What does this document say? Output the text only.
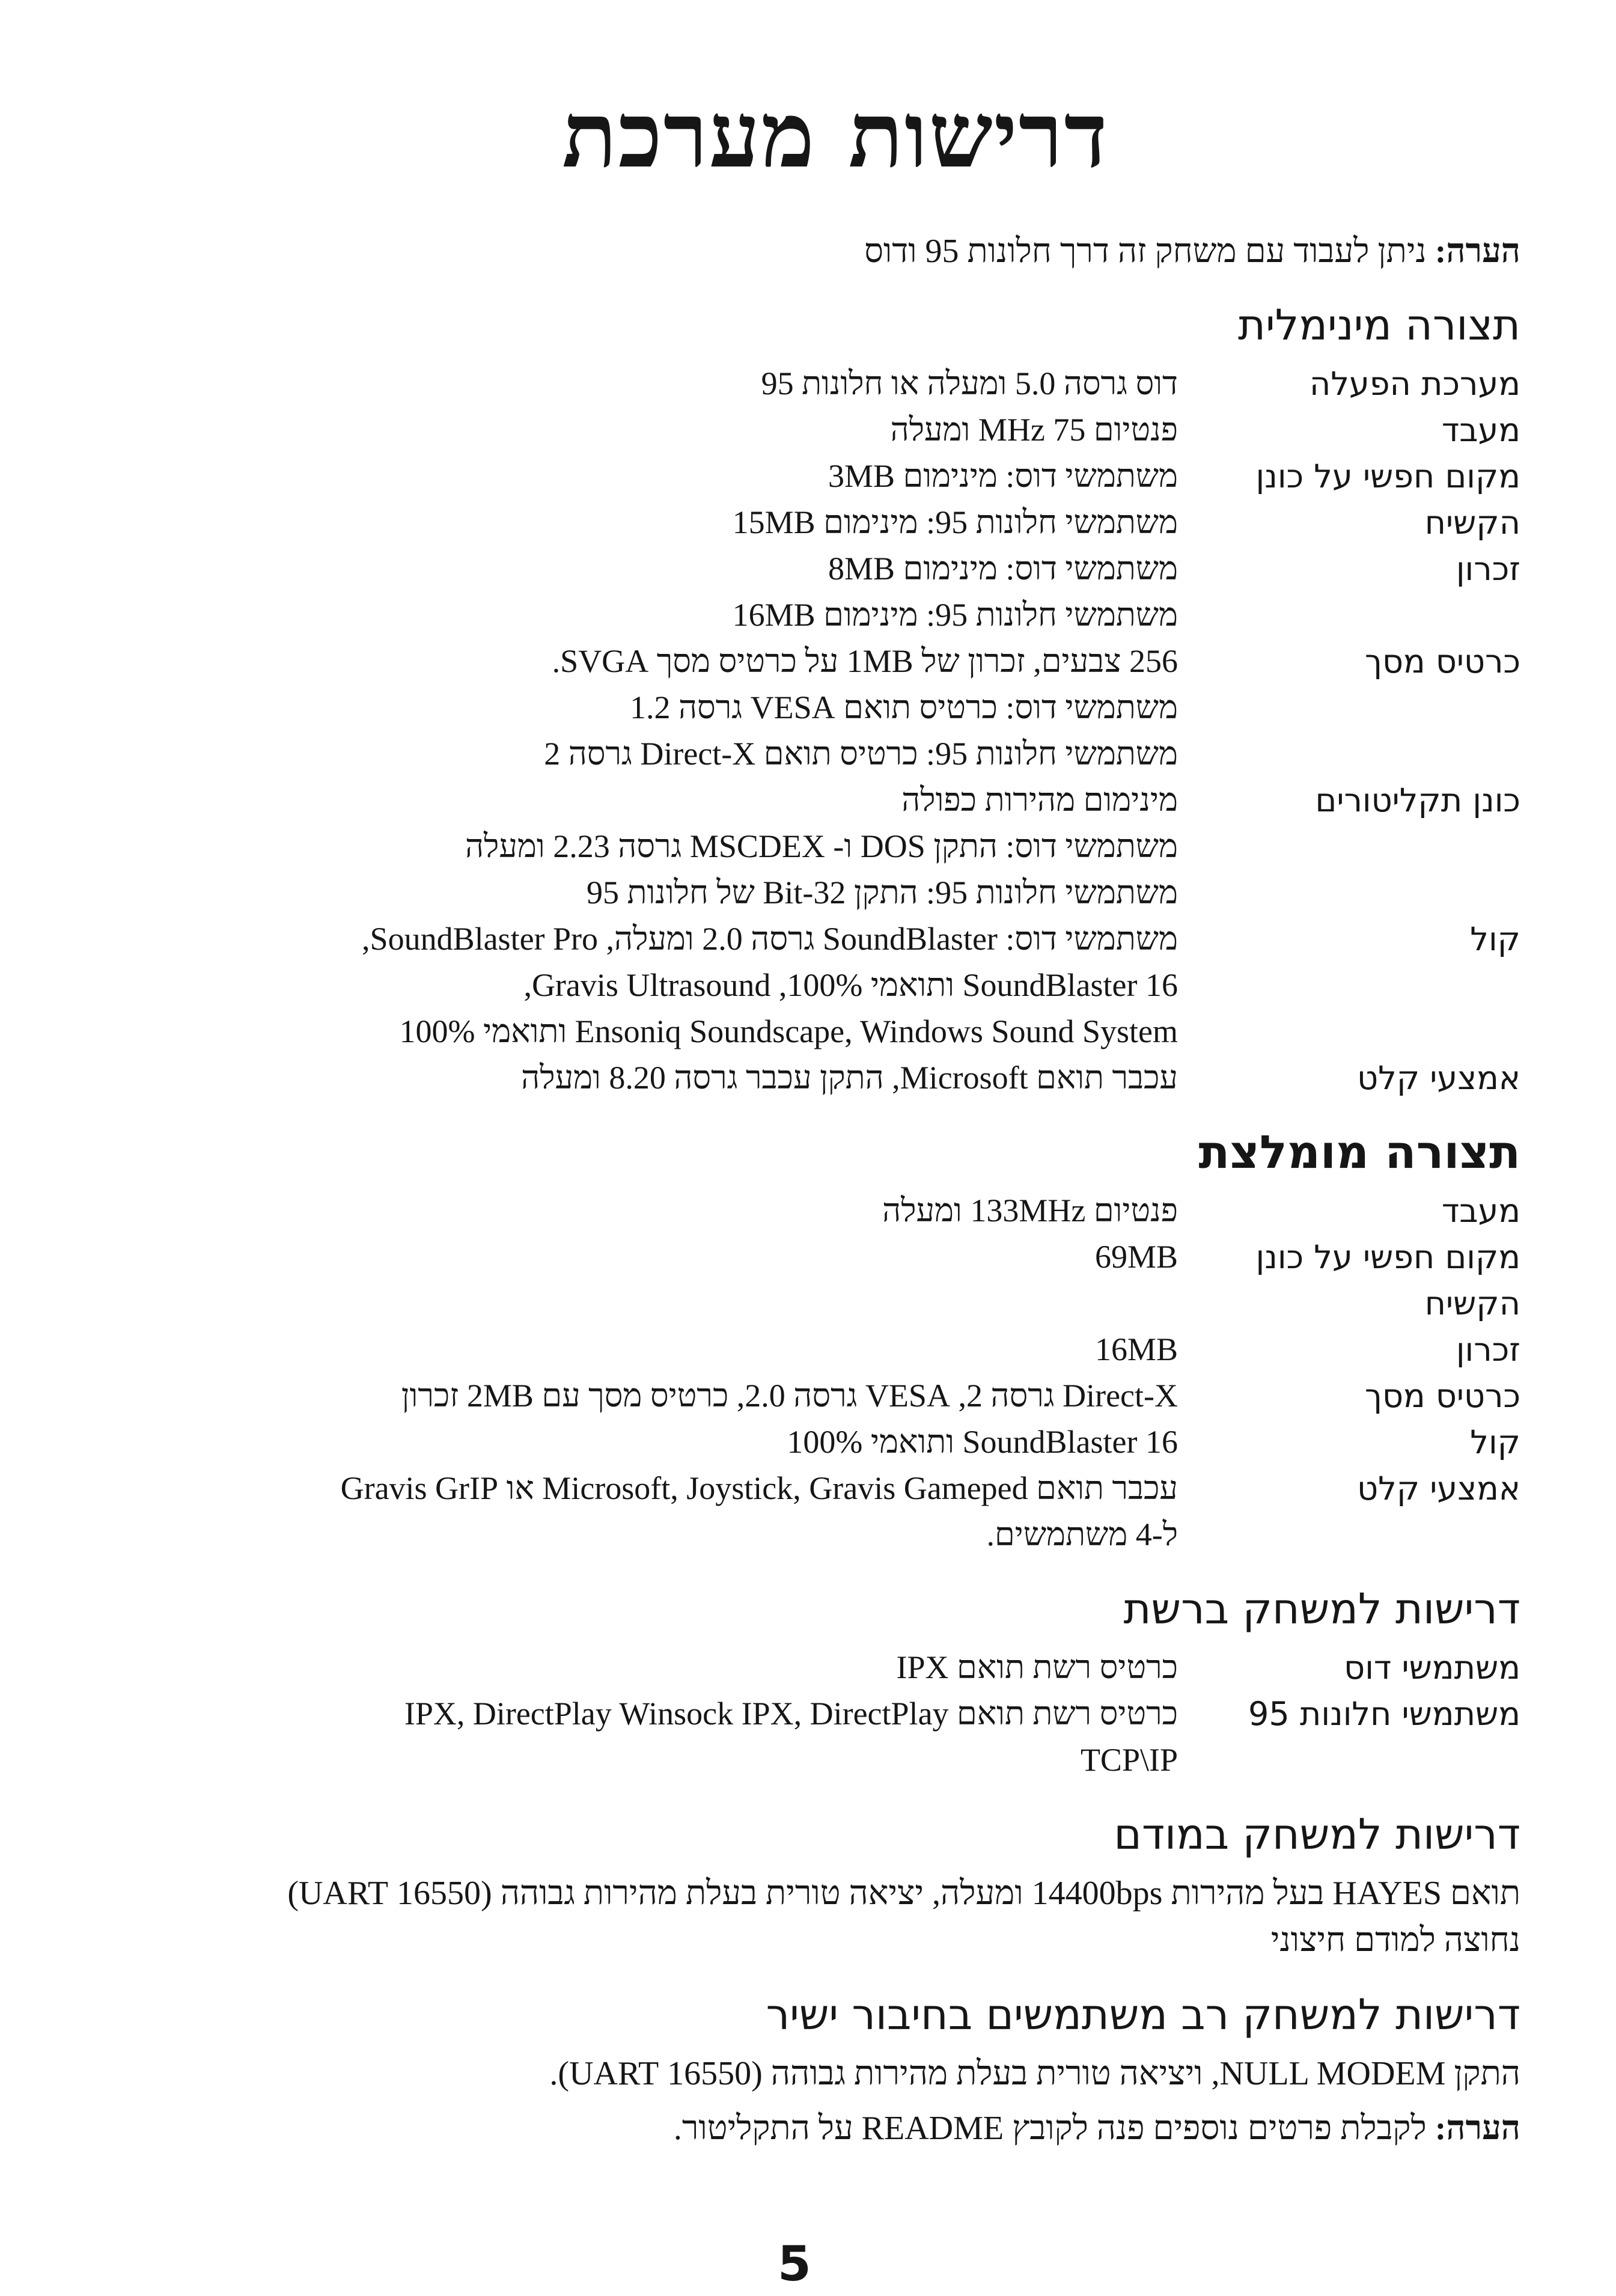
דרישות מערכת
הערה: ניתן לעבוד עם משחק זה דרך חלונות 95 ודוס
תצורה מינימלית
מערכת הפעלה
דוס גרסה 5.0 ומעלה או חלונות 95
מעבד
פנטיום 75 MHz ומעלה
מקום חפשי על כונן הקשיח
משתמשי דוס: מינימום 3MB
משתמשי חלונות 95: מינימום 15MB
זכרון
משתמשי דוס: מינימום 8MB
משתמשי חלונות 95: מינימום 16MB
כרטיס מסך
256 צבעים, זכרון של 1MB על כרטיס מסך SVGA.
משתמשי דוס: כרטיס תואם VESA גרסה 1.2
משתמשי חלונות 95: כרטיס תואם Direct-X גרסה 2
כונן תקליטורים
מינימום מהירות כפולה
משתמשי דוס: התקן DOS ו- MSCDEX גרסה 2.23 ומעלה
משתמשי חלונות 95: התקן 32-Bit של חלונות 95
קול
משתמשי דוס: SoundBlaster גרסה 2.0 ומעלה, SoundBlaster Pro,
SoundBlaster 16 ותואמי 100%, Gravis Ultrasound,
Ensoniq Soundscape, Windows Sound System ותואמי 100%
אמצעי קלט
עכבר תואם Microsoft, התקן עכבר גרסה 8.20 ומעלה
תצורה מומלצת
מעבד
פנטיום 133MHz ומעלה
מקום חפשי על כונן הקשיח
69MB
זכרון
16MB
כרטיס מסך
Direct-X גרסה 2, VESA גרסה 2.0, כרטיס מסך עם 2MB זכרון
קול
SoundBlaster 16 ותואמי 100%
אמצעי קלט
עכבר תואם Microsoft, Joystick, Gravis Gameped או Gravis GrIP
ל-4 משתמשים.
דרישות למשחק ברשת
משתמשי דוס
כרטיס רשת תואם IPX
משתמשי חלונות 95
כרטיס רשת תואם IPX, DirectPlay Winsock IPX, DirectPlay
TCP\IP
דרישות למשחק במודם
תואם HAYES בעל מהירות 14400bps ומעלה, יציאה טורית בעלת מהירות גבוהה (16550 UART)
נחוצה למודם חיצוני
דרישות למשחק רב משתמשים בחיבור ישיר
התקן NULL MODEM, ויציאה טורית בעלת מהירות גבוהה (16550 UART).
הערה: לקבלת פרטים נוספים פנה לקובץ README על התקליטור.
5
